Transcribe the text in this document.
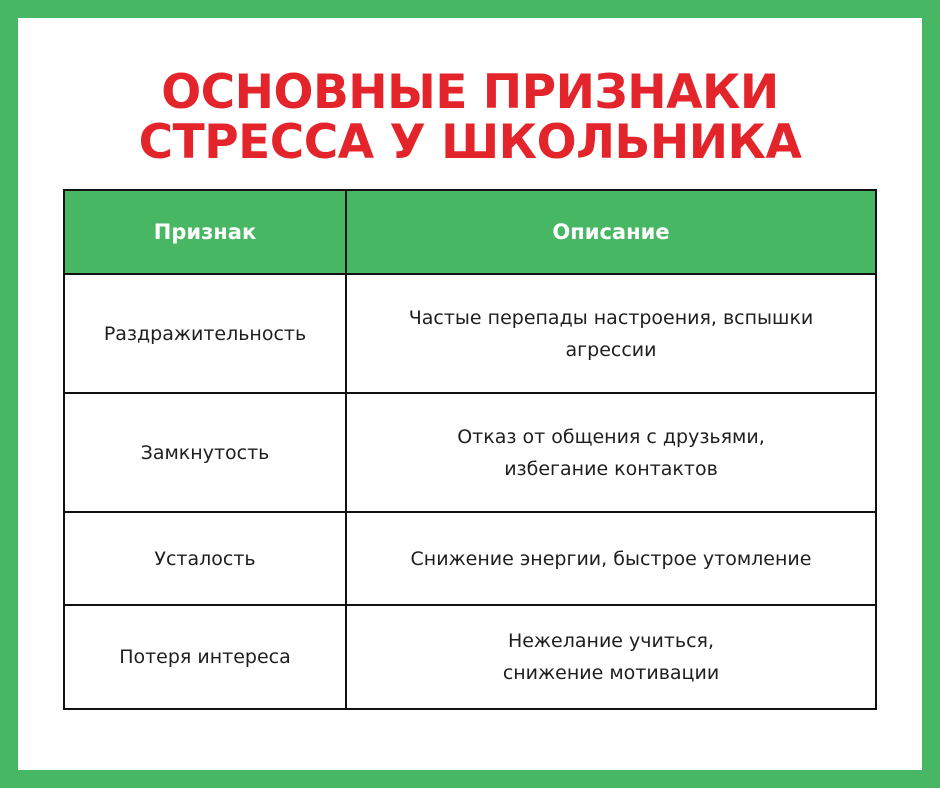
ОСНОВНЫЕ ПРИЗНАКИ
СТРЕССА У ШКОЛЬНИКА
Признак	Описание
Раздражительность	Частые перепады настроения, вспышки
агрессии

Замкнутость	Отказ от общения с друзьями,
избегание контактов

Усталость	Снижение энергии, быстрое утомление

Потеря интереса	Нежелание учиться,
снижение мотивации
